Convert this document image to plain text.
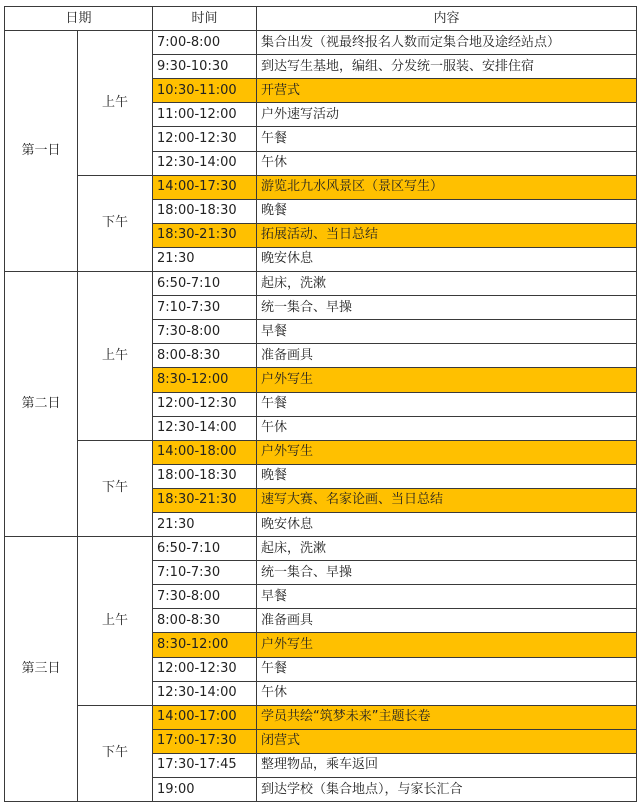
日期		时间	内容
第一日	上午	7:00-8:00	集合出发（视最终报名人数而定集合地及途经站点）
		9:30-10:30	到达写生基地，编组、分发统一服装、安排住宿
		10:30-11:00	开营式
		11:00-12:00	户外速写活动
		12:00-12:30	午餐
		12:30-14:00	午休
	下午	14:00-17:30	游览北九水风景区（景区写生）
		18:00-18:30	晚餐
		18:30-21:30	拓展活动、当日总结
		21:30	晚安休息
第二日	上午	6:50-7:10	起床，洗漱
		7:10-7:30	统一集合、早操
		7:30-8:00	早餐
		8:00-8:30	准备画具
		8:30-12:00	户外写生
		12:00-12:30	午餐
		12:30-14:00	午休
	下午	14:00-18:00	户外写生
		18:00-18:30	晚餐
		18:30-21:30	速写大赛、名家论画、当日总结
		21:30	晚安休息
第三日	上午	6:50-7:10	起床，洗漱
		7:10-7:30	统一集合、早操
		7:30-8:00	早餐
		8:00-8:30	准备画具
		8:30-12:00	户外写生
		12:00-12:30	午餐
		12:30-14:00	午休
	下午	14:00-17:00	学员共绘“筑梦未来”主题长卷
		17:00-17:30	闭营式
		17:30-17:45	整理物品，乘车返回
		19:00	到达学校（集合地点），与家长汇合
